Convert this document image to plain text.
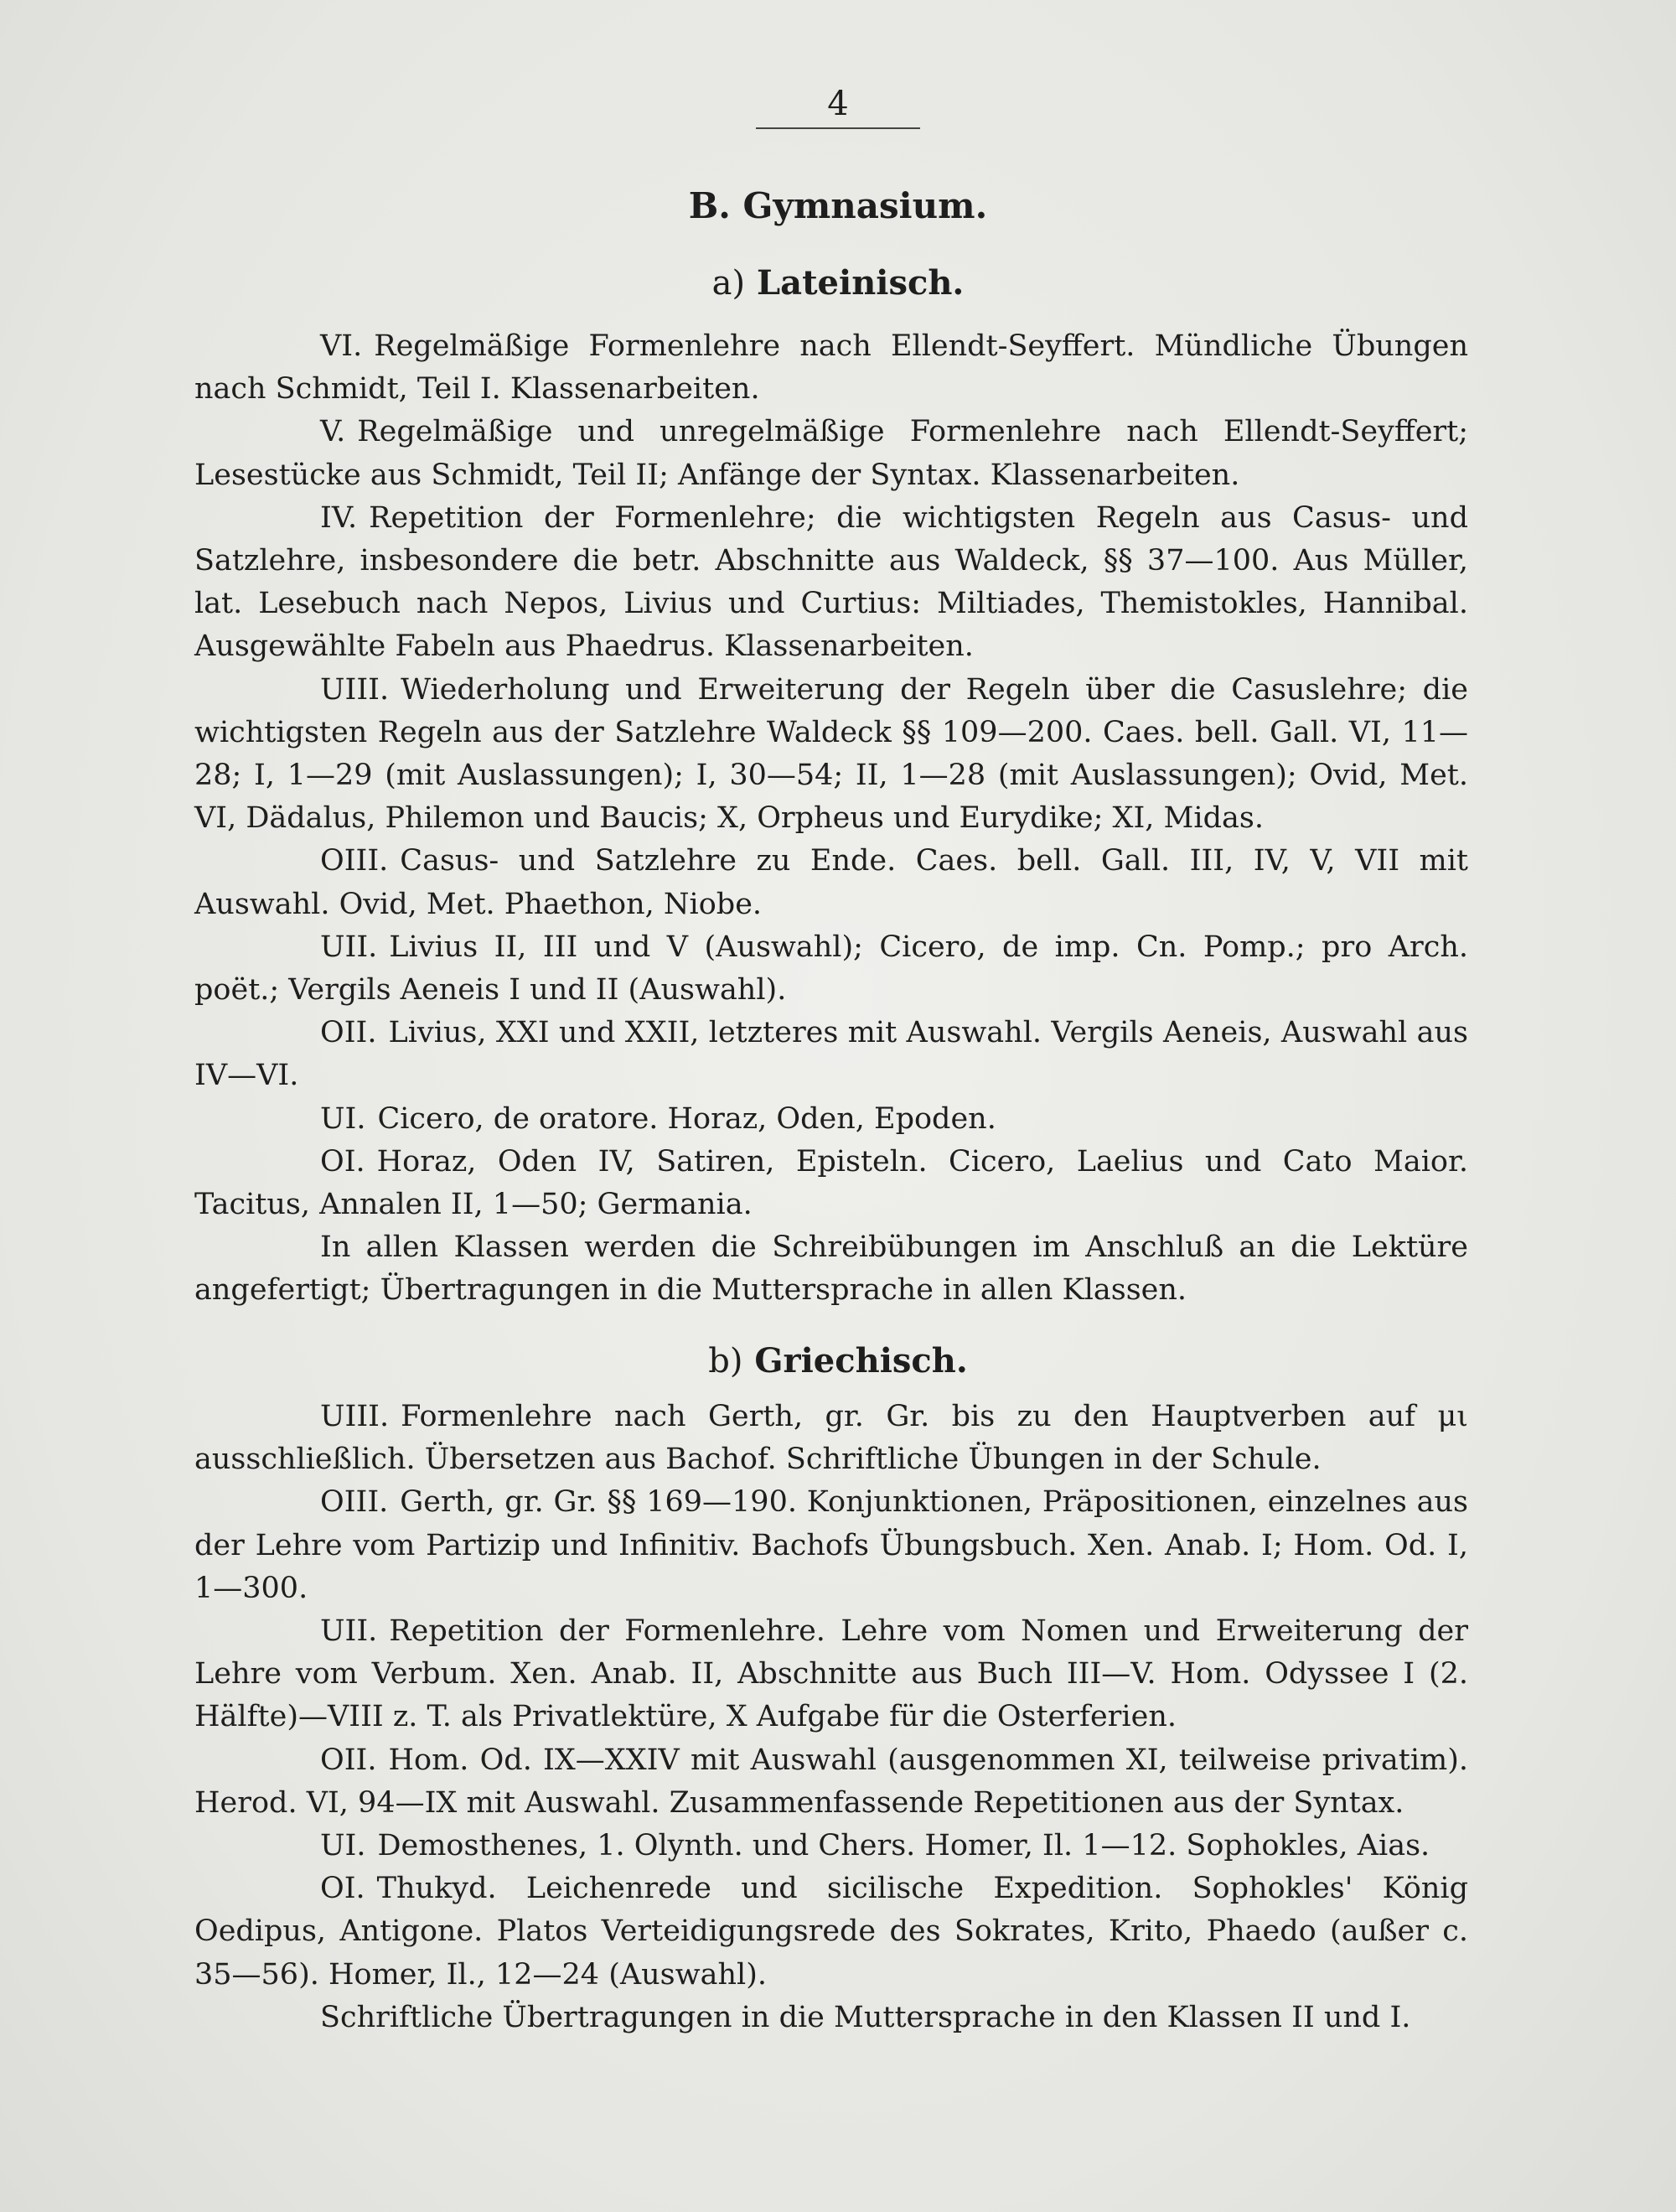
4
B. Gymnasium.
a) Lateinisch.

VI. Regelmäßige Formenlehre nach Ellendt-Seyffert. Mündliche Übungen nach Schmidt, Teil I. Klassenarbeiten.

V. Regelmäßige und unregelmäßige Formenlehre nach Ellendt-Seyffert; Lesestücke aus Schmidt, Teil II; Anfänge der Syntax. Klassenarbeiten.

IV. Repetition der Formenlehre; die wichtigsten Regeln aus Casus- und Satzlehre, insbesondere die betr. Abschnitte aus Waldeck, §§ 37—100. Aus Müller, lat. Lesebuch nach Nepos, Livius und Curtius: Miltiades, Themistokles, Hannibal. Ausgewählte Fabeln aus Phaedrus. Klassenarbeiten.

UIII. Wiederholung und Erweiterung der Regeln über die Casuslehre; die wichtigsten Regeln aus der Satzlehre Waldeck §§ 109—200. Caes. bell. Gall. VI, 11—28; I, 1—29 (mit Auslassungen); I, 30—54; II, 1—28 (mit Auslassungen); Ovid, Met. VI, Dädalus, Philemon und Baucis; X, Orpheus und Eurydike; XI, Midas.

OIII. Casus- und Satzlehre zu Ende. Caes. bell. Gall. III, IV, V, VII mit Auswahl. Ovid, Met. Phaethon, Niobe.

UII. Livius II, III und V (Auswahl); Cicero, de imp. Cn. Pomp.; pro Arch. poët.; Vergils Aeneis I und II (Auswahl).

OII. Livius, XXI und XXII, letzteres mit Auswahl. Vergils Aeneis, Auswahl aus IV—VI.

UI. Cicero, de oratore. Horaz, Oden, Epoden.

OI. Horaz, Oden IV, Satiren, Episteln. Cicero, Laelius und Cato Maior. Tacitus, Annalen II, 1—50; Germania.

In allen Klassen werden die Schreibübungen im Anschluß an die Lektüre angefertigt; Übertragungen in die Muttersprache in allen Klassen.

b) Griechisch.

UIII. Formenlehre nach Gerth, gr. Gr. bis zu den Hauptverben auf μι ausschließlich. Übersetzen aus Bachof. Schriftliche Übungen in der Schule.

OIII. Gerth, gr. Gr. §§ 169—190. Konjunktionen, Präpositionen, einzelnes aus der Lehre vom Partizip und Infinitiv. Bachofs Übungsbuch. Xen. Anab. I; Hom. Od. I, 1—300.

UII. Repetition der Formenlehre. Lehre vom Nomen und Erweiterung der Lehre vom Verbum. Xen. Anab. II, Abschnitte aus Buch III—V. Hom. Odyssee I (2. Hälfte)—VIII z. T. als Privatlektüre, X Aufgabe für die Osterferien.

OII. Hom. Od. IX—XXIV mit Auswahl (ausgenommen XI, teilweise privatim). Herod. VI, 94—IX mit Auswahl. Zusammenfassende Repetitionen aus der Syntax.

UI. Demosthenes, 1. Olynth. und Chers. Homer, Il. 1—12. Sophokles, Aias.

OI. Thukyd. Leichenrede und sicilische Expedition. Sophokles' König Oedipus, Antigone. Platos Verteidigungsrede des Sokrates, Krito, Phaedo (außer c. 35—56). Homer, Il., 12—24 (Auswahl).

Schriftliche Übertragungen in die Muttersprache in den Klassen II und I.
